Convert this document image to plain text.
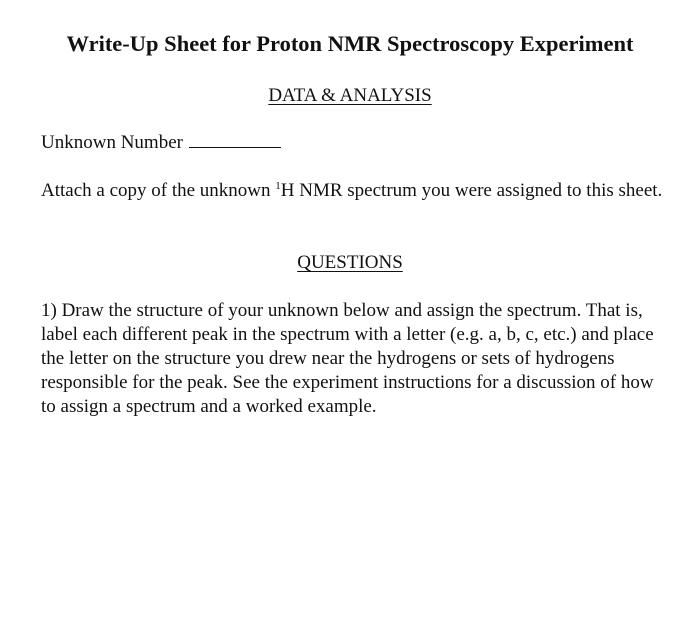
Write-Up Sheet for Proton NMR Spectroscopy Experiment
DATA & ANALYSIS
Unknown Number
Attach a copy of the unknown $^1$H NMR spectrum you were assigned to this sheet.
QUESTIONS
1) Draw the structure of your unknown below and assign the spectrum. That is, label each different peak in the spectrum with a letter (e.g. a, b, c, etc.) and place the letter on the structure you drew near the hydrogens or sets of hydrogens responsible for the peak. See the experiment instructions for a discussion of how to assign a spectrum and a worked example.
